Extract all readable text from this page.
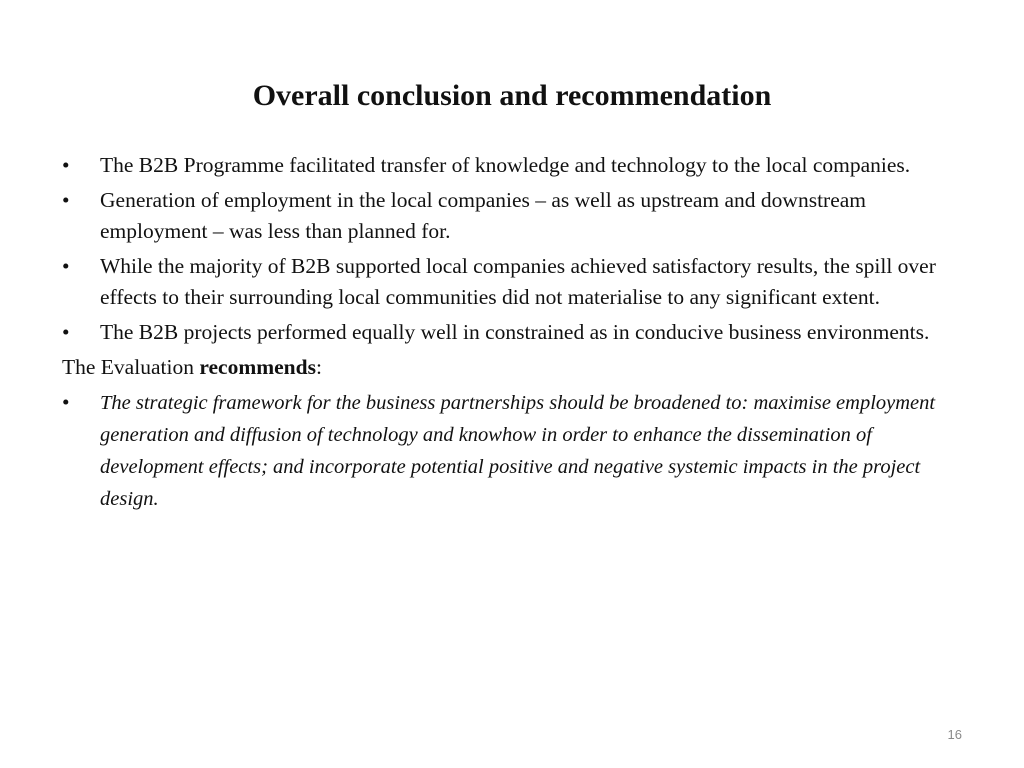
Overall conclusion and recommendation
•	The B2B Programme facilitated transfer of knowledge and technology to the local companies.
•	Generation of employment in the local companies – as well as upstream and downstream employment – was less than planned for.
•	While the majority of B2B supported local companies achieved satisfactory results, the spill over effects to their surrounding local communities did not materialise to any significant extent.
•	The B2B projects performed equally well in constrained as in conducive business environments.
The Evaluation recommends:
•	The strategic framework for the business partnerships should be broadened to: maximise employment generation and diffusion of technology and knowhow in order to enhance the dissemination of development effects; and incorporate potential positive and negative systemic impacts in the project design.
16
